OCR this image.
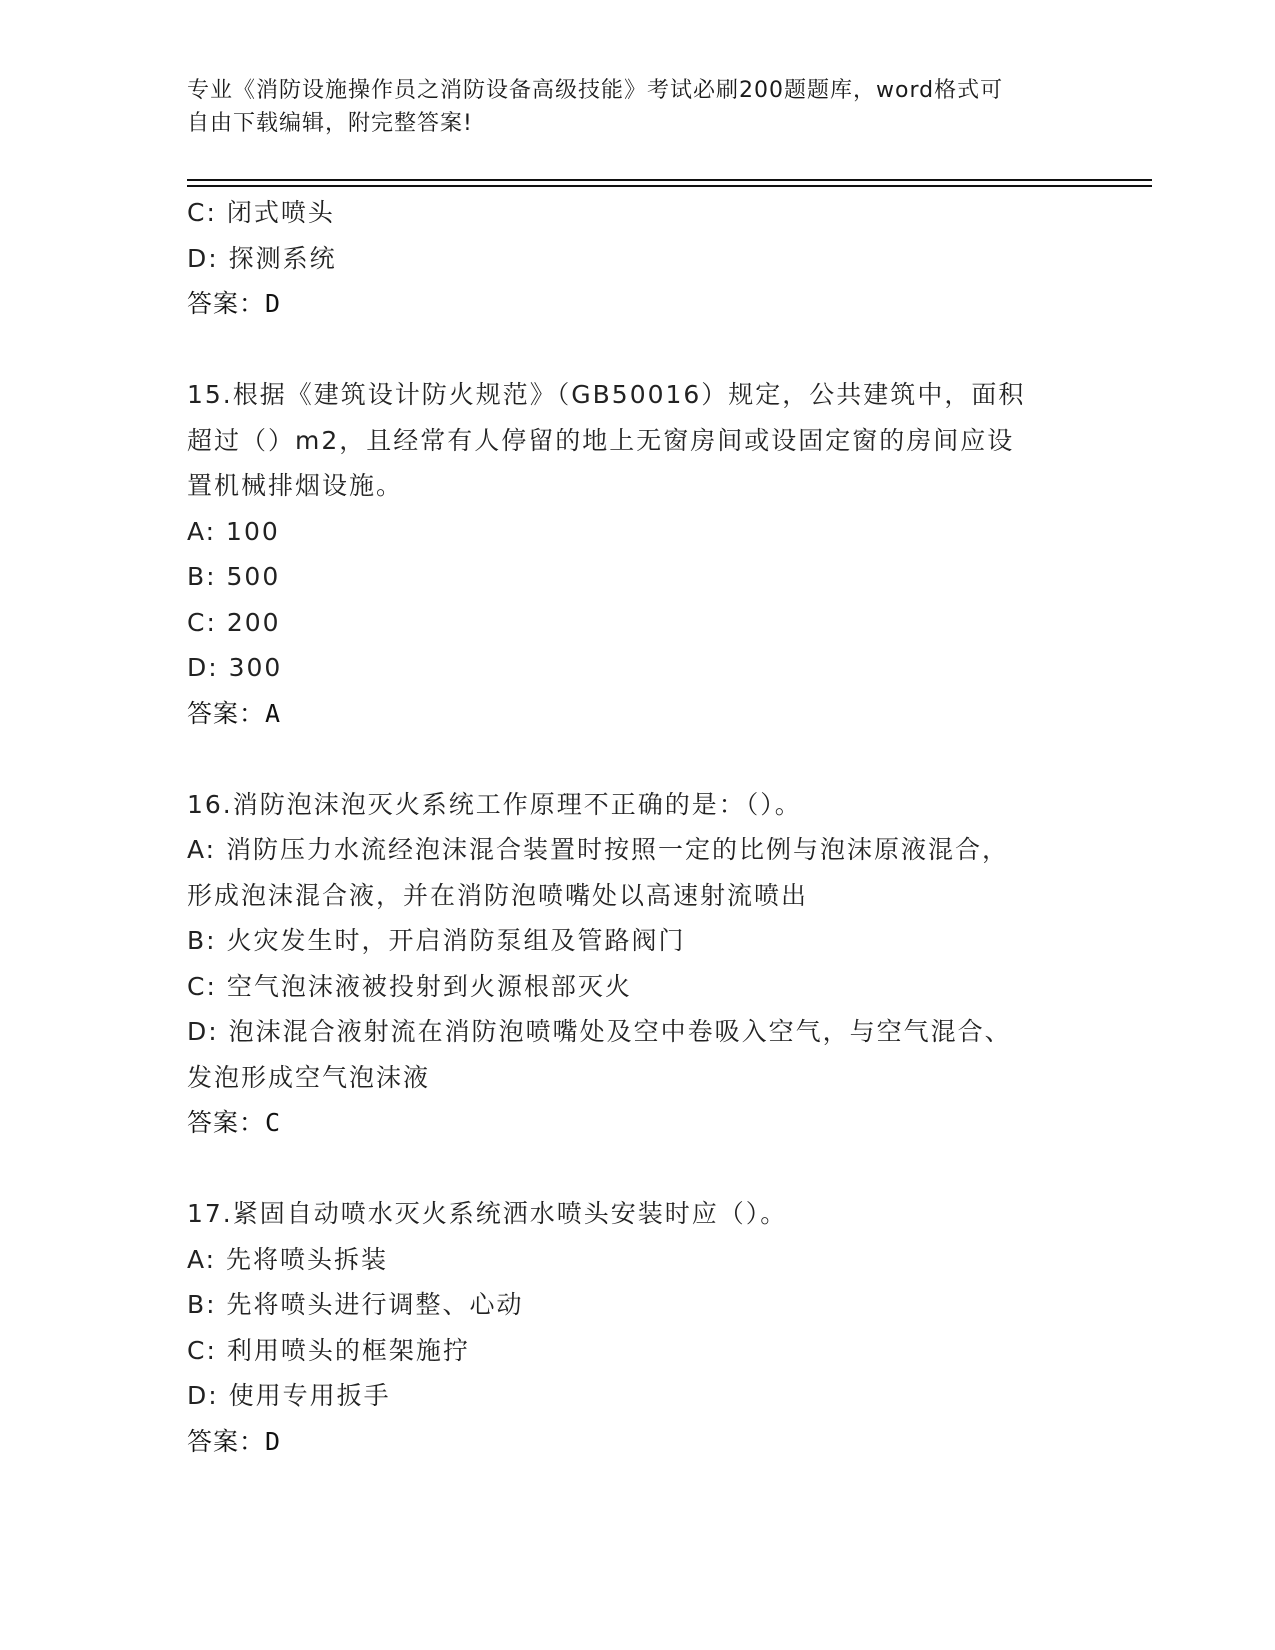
专业《消防设施操作员之消防设备高级技能》考试必刷200题题库，word格式可
自由下载编辑，附完整答案!
C: 闭式喷头
D: 探测系统
答案：D
15.根据《建筑设计防火规范》（GB50016）规定，公共建筑中，面积
超过（）m2，且经常有人停留的地上无窗房间或设固定窗的房间应设
置机械排烟设施。
A: 100
B: 500
C: 200
D: 300
答案：A
16.消防泡沫泡灭火系统工作原理不正确的是：（）。
A: 消防压力水流经泡沫混合装置时按照一定的比例与泡沫原液混合，
形成泡沫混合液，并在消防泡喷嘴处以高速射流喷出
B: 火灾发生时，开启消防泵组及管路阀门
C: 空气泡沫液被投射到火源根部灭火
D: 泡沫混合液射流在消防泡喷嘴处及空中卷吸入空气，与空气混合、
发泡形成空气泡沫液
答案：C
17.紧固自动喷水灭火系统洒水喷头安装时应（）。
A: 先将喷头拆装
B: 先将喷头进行调整、心动
C: 利用喷头的框架施拧
D: 使用专用扳手
答案：D
